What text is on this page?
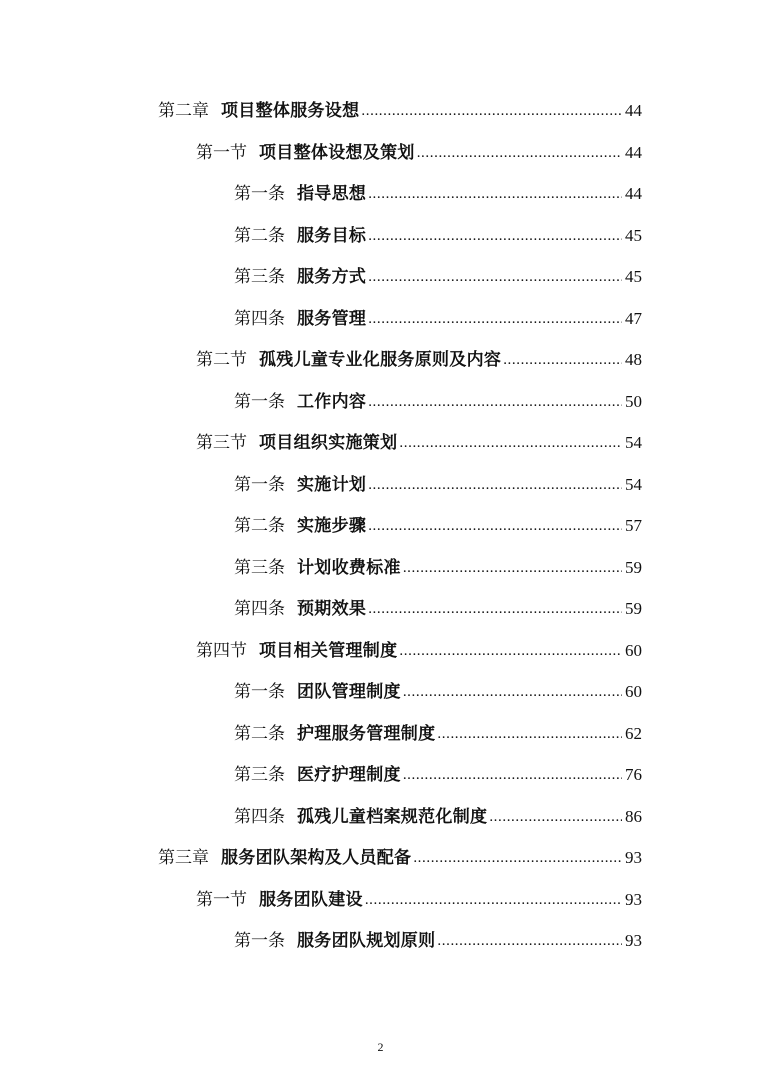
第二章 项目整体服务设想 .....	44
第一节 项目整体设想及策划 .....	44
第一条 指导思想 .....	44
第二条 服务目标 .....	45
第三条 服务方式 .....	45
第四条 服务管理 .....	47
第二节 孤残儿童专业化服务原则及内容 .....	48
第一条 工作内容 .....	50
第三节 项目组织实施策划 .....	54
第一条 实施计划 .....	54
第二条 实施步骤 .....	57
第三条 计划收费标准 .....	59
第四条 预期效果 .....	59
第四节 项目相关管理制度 .....	60
第一条 团队管理制度 .....	60
第二条 护理服务管理制度 .....	62
第三条 医疗护理制度 .....	76
第四条 孤残儿童档案规范化制度 .....	86
第三章 服务团队架构及人员配备 .....	93
第一节 服务团队建设 .....	93
第一条 服务团队规划原则 .....	93
2
